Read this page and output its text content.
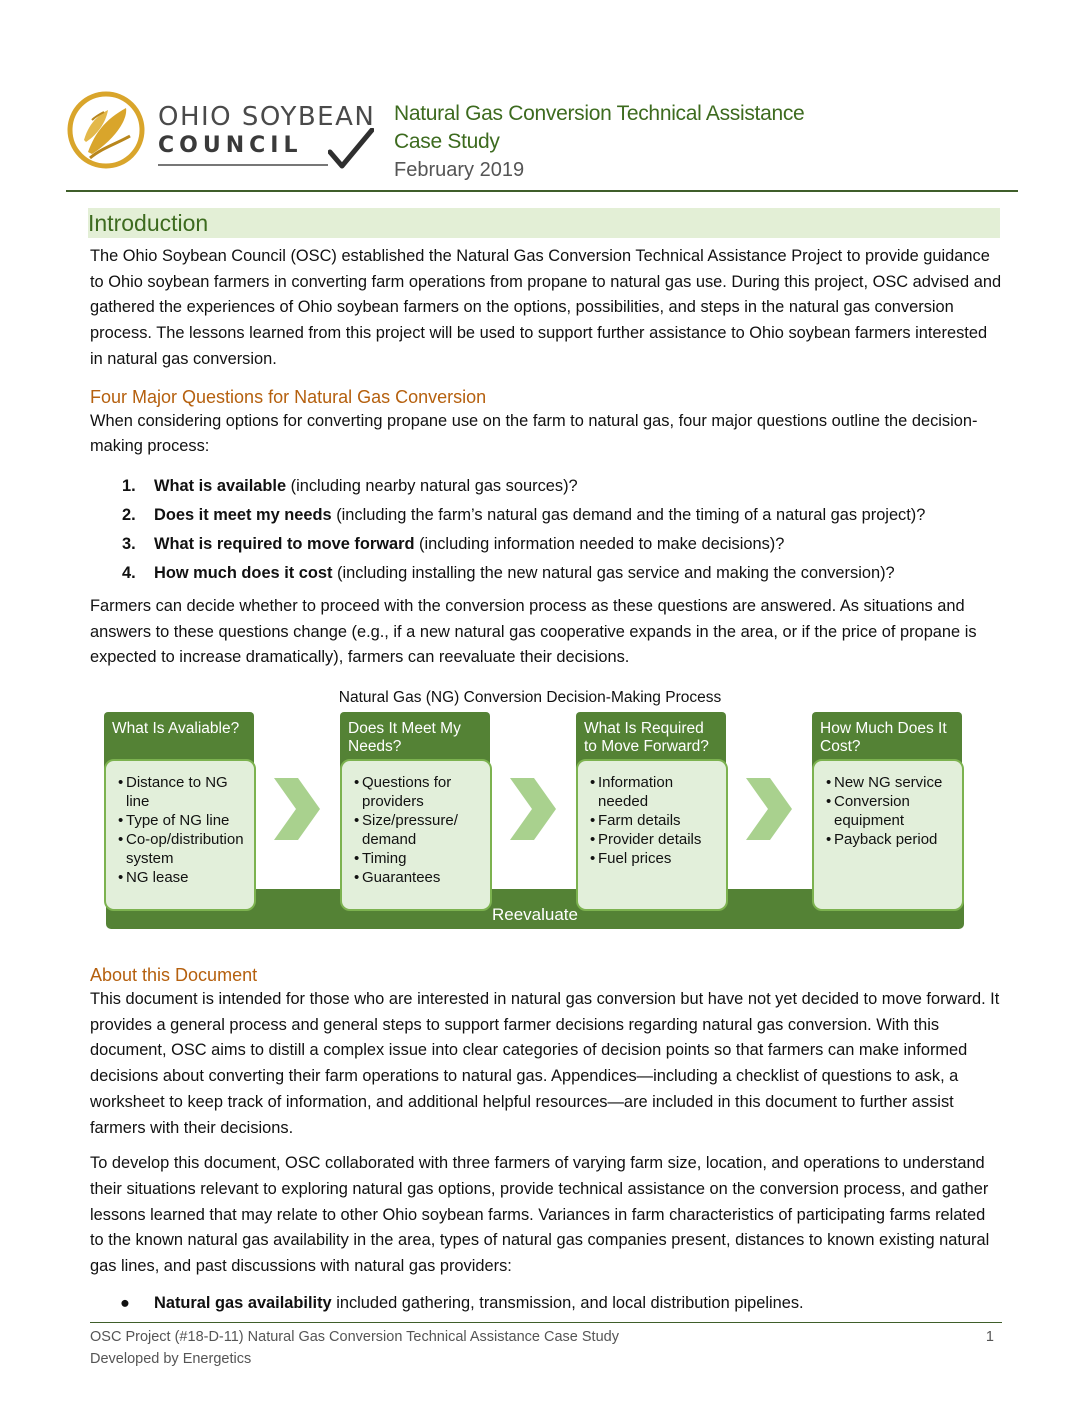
OHIO SOYBEAN
COUNCIL
Natural Gas Conversion Technical Assistance
Case Study
February 2019
Introduction

The Ohio Soybean Council (OSC) established the Natural Gas Conversion Technical Assistance Project to provide guidance to Ohio soybean farmers in converting farm operations from propane to natural gas use. During this project, OSC advised and gathered the experiences of Ohio soybean farmers on the options, possibilities, and steps in the natural gas conversion process. The lessons learned from this project will be used to support further assistance to Ohio soybean farmers interested in natural gas conversion.

Four Major Questions for Natural Gas Conversion

When considering options for converting propane use on the farm to natural gas, four major questions outline the decision-making process:

1. What is available (including nearby natural gas sources)?
2. Does it meet my needs (including the farm’s natural gas demand and the timing of a natural gas project)?
3. What is required to move forward (including information needed to make decisions)?
4. How much does it cost (including installing the new natural gas service and making the conversion)?

Farmers can decide whether to proceed with the conversion process as these questions are answered. As situations and answers to these questions change (e.g., if a new natural gas cooperative expands in the area, or if the price of propane is expected to increase dramatically), farmers can reevaluate their decisions.

Natural Gas (NG) Conversion Decision-Making Process
Reevaluate
What Is Avaliable?
• Distance to NG line
• Type of NG line
• Co-op/distribution system
• NG lease
Does It Meet My Needs?
• Questions for providers
• Size/pressure/ demand
• Timing
• Guarantees
What Is Required to Move Forward?
• Information needed
• Farm details
• Provider details
• Fuel prices
How Much Does It Cost?
• New NG service
• Conversion equipment
• Payback period
About this Document

This document is intended for those who are interested in natural gas conversion but have not yet decided to move forward. It provides a general process and general steps to support farmer decisions regarding natural gas conversion. With this document, OSC aims to distill a complex issue into clear categories of decision points so that farmers can make informed decisions about converting their farm operations to natural gas. Appendices—including a checklist of questions to ask, a worksheet to keep track of information, and additional helpful resources—are included in this document to further assist farmers with their decisions.

To develop this document, OSC collaborated with three farmers of varying farm size, location, and operations to understand their situations relevant to exploring natural gas options, provide technical assistance on the conversion process, and gather lessons learned that may relate to other Ohio soybean farms. Variances in farm characteristics of participating farms related to the known natural gas availability in the area, types of natural gas companies present, distances to known existing natural gas lines, and past discussions with natural gas providers:

● Natural gas availability included gathering, transmission, and local distribution pipelines.
OSC Project (#18-D-11) Natural Gas Conversion Technical Assistance Case Study
Developed by Energetics
1
